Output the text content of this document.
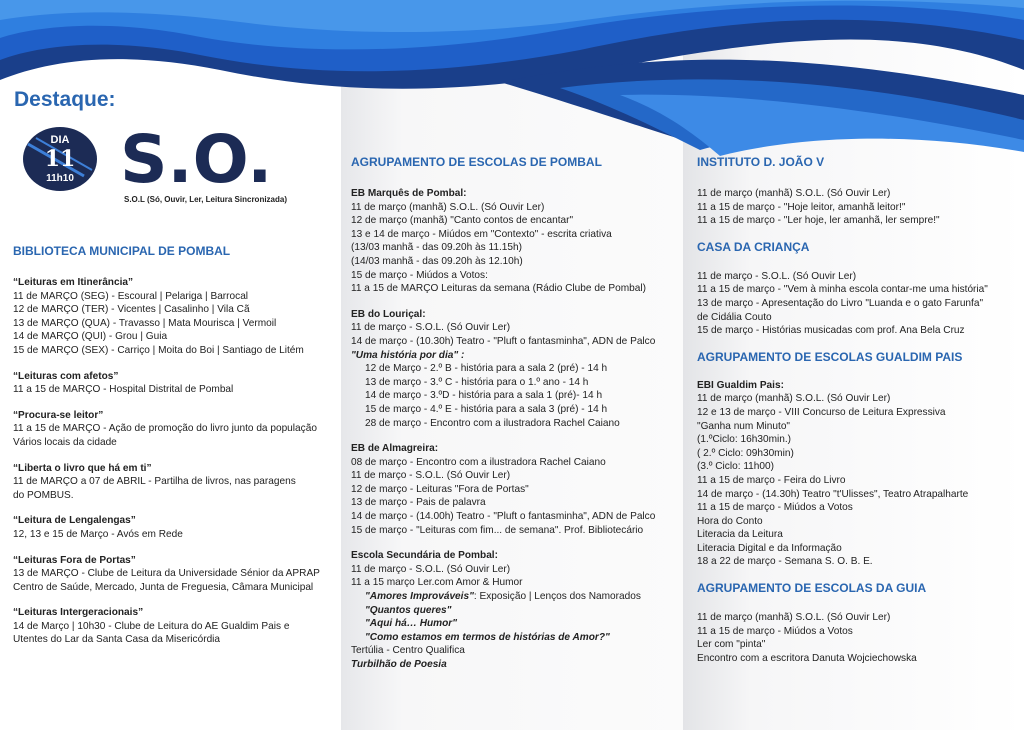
Destaque:
DIA
11
11h10 S.O.
S.O.L (Só, Ouvir, Ler, Leitura Sincronizada)
BIBLIOTECA MUNICIPAL DE POMBAL
“Leituras em Itinerância”
11 de MARÇO (SEG) - Escoural | Pelariga | Barrocal
12 de MARÇO (TER) - Vicentes | Casalinho | Vila Cã
13 de MARÇO (QUA) - Travasso | Mata Mourisca | Vermoil
14 de MARÇO (QUI) - Grou | Guia
15 de MARÇO (SEX) - Carriço | Moita do Boi | Santiago de Litém
“Leituras com afetos”
11 a 15 de MARÇO - Hospital Distrital de Pombal
“Procura-se leitor”
11 a 15 de MARÇO - Ação de promoção do livro junto da população
Vários locais da cidade
“Liberta o livro que há em ti”
11 de MARÇO a 07 de ABRIL - Partilha de livros, nas paragens
do POMBUS.
“Leitura de Lengalengas”
12, 13 e 15 de Março - Avós em Rede
“Leituras Fora de Portas”
13 de MARÇO - Clube de Leitura da Universidade Sénior da APRAP
Centro de Saúde, Mercado, Junta de Freguesia, Câmara Municipal
“Leituras Intergeracionais”
14 de Março | 10h30 - Clube de Leitura do AE Gualdim Pais e
Utentes do Lar da Santa Casa da Misericórdia
AGRUPAMENTO DE ESCOLAS DE POMBAL
EB Marquês de Pombal:
11 de março (manhã) S.O.L. (Só Ouvir Ler)
12 de março (manhã) "Canto contos de encantar"
13 e 14 de março - Miúdos em "Contexto" - escrita criativa
(13/03 manhã - das 09.20h às 11.15h)
(14/03 manhã - das 09.20h às 12.10h)
15 de março - Miúdos a Votos:
11 a 15 de MARÇO Leituras da semana (Rádio Clube de Pombal)
EB do Louriçal:
11 de março - S.O.L. (Só Ouvir Ler)
14 de março - (10.30h) Teatro - "Pluft o fantasminha", ADN de Palco
"Uma história por dia" :
12 de Março - 2.º B - história para a sala 2 (pré) - 14 h
13 de março - 3.º C - história para o 1.º ano - 14 h
14 de março - 3.ºD - história para a sala 1 (pré)- 14 h
15 de março - 4.º E - história para a sala 3 (pré) - 14 h
28 de março - Encontro com a ilustradora Rachel Caiano
EB de Almagreira:
08 de março - Encontro com a ilustradora Rachel Caiano
11 de março - S.O.L. (Só Ouvir Ler)
12 de março - Leituras "Fora de Portas"
13 de março - Pais de palavra
14 de março - (14.00h) Teatro - "Pluft o fantasminha", ADN de Palco
15 de março - "Leituras com fim... de semana". Prof. Bibliotecário
Escola Secundária de Pombal:
11 de março - S.O.L. (Só Ouvir Ler)
11 a 15 março Ler.com Amor & Humor
"Amores Improváveis": Exposição | Lenços dos Namorados
"Quantos queres"
"Aqui há… Humor"
"Como estamos em termos de histórias de Amor?"
Tertúlia - Centro Qualifica
Turbilhão de Poesia
INSTITUTO D. JOÃO V
11 de março (manhã) S.O.L. (Só Ouvir Ler)
11 a 15 de março - "Hoje leitor, amanhã leitor!"
11 a 15 de março - "Ler hoje, ler amanhã, ler sempre!"
CASA DA CRIANÇA
11 de março - S.O.L. (Só Ouvir Ler)
11 a 15 de março - "Vem à minha escola contar-me uma história"
13 de março - Apresentação do Livro "Luanda e o gato Farunfa"
de Cidália Couto
15 de março - Histórias musicadas com prof. Ana Bela Cruz
AGRUPAMENTO DE ESCOLAS GUALDIM PAIS
EBI Gualdim Pais:
11 de março (manhã) S.O.L. (Só Ouvir Ler)
12 e 13 de março - VIII Concurso de Leitura Expressiva
"Ganha num Minuto"
(1.ºCiclo: 16h30min.)
( 2.º Ciclo: 09h30min)
(3.º Ciclo: 11h00)
11 a 15 de março - Feira do Livro
14 de março - (14.30h) Teatro "t'Ulisses", Teatro Atrapalharte
11 a 15 de março - Miúdos a Votos
Hora do Conto
Literacia da Leitura
Literacia Digital e da Informação
18 a 22 de março - Semana S. O. B. E.
AGRUPAMENTO DE ESCOLAS DA GUIA
11 de março (manhã) S.O.L. (Só Ouvir Ler)
11 a 15 de março - Miúdos a Votos
Ler com "pinta"
Encontro com a escritora Danuta Wojciechowska
